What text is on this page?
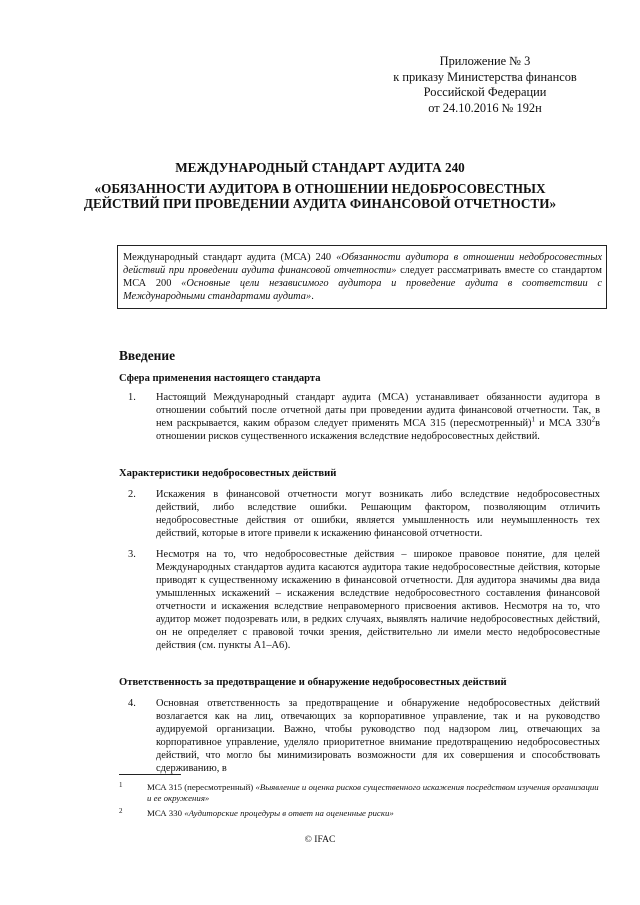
Приложение № 3
к приказу Министерства финансов
Российской Федерации
от 24.10.2016 № 192н
МЕЖДУНАРОДНЫЙ СТАНДАРТ АУДИТА 240
«ОБЯЗАННОСТИ АУДИТОРА В ОТНОШЕНИИ НЕДОБРОСОВЕСТНЫХ
ДЕЙСТВИЙ ПРИ ПРОВЕДЕНИИ АУДИТА ФИНАНСОВОЙ ОТЧЕТНОСТИ»
Международный стандарт аудита (МСА) 240 «Обязанности аудитора в отношении недобросовестных действий при проведении аудита финансовой отчетности» следует рассматривать вместе со стандартом МСА 200 «Основные цели независимого аудитора и проведение аудита в соответствии с Международными стандартами аудита».
Введение
Сфера применения настоящего стандарта
1. Настоящий Международный стандарт аудита (МСА) устанавливает обязанности аудитора в отношении событий после отчетной даты при проведении аудита финансовой отчетности. Так, в нем раскрывается, каким образом следует применять МСА 315 (пересмотренный)$^1$ и МСА $330^2в$ отношении рисков существенного искажения вследствие недобросовестных действий.
Характеристики недобросовестных действий
2. Искажения в финансовой отчетности могут возникать либо вследствие недобросовестных действий, либо вследствие ошибки. Решающим фактором, позволяющим отличить недобросовестные действия от ошибки, является умышленность или неумышленность тех действий, которые в итоге привели к искажению финансовой отчетности.
3. Несмотря на то, что недобросовестные действия – широкое правовое понятие, для целей Международных стандартов аудита касаются аудитора такие недобросовестные действия, которые приводят к существенному искажению в финансовой отчетности. Для аудитора значимы два вида умышленных искажений – искажения вследствие недобросовестного составления финансовой отчетности и искажения вследствие неправомерного присвоения активов. Несмотря на то, что аудитор может подозревать или, в редких случаях, выявлять наличие недобросовестных действий, он не определяет с правовой точки зрения, действительно ли имели место недобросовестные действия (см. пункты A1–A6).
Ответственность за предотвращение и обнаружение недобросовестных действий
4. Основная ответственность за предотвращение и обнаружение недобросовестных действий возлагается как на лиц, отвечающих за корпоративное управление, так и на руководство аудируемой организации. Важно, чтобы руководство под надзором лиц, отвечающих за корпоративное управление, уделяло приоритетное внимание предотвращению недобросовестных действий, что могло бы минимизировать возможности для их совершения и способствовать сдерживанию, в
1	МСА 315 (пересмотренный) «Выявление и оценка рисков существенного искажения посредством изучения организации и ее окружения»
2	МСА 330 «Аудиторские процедуры в ответ на оцененные риски»
© IFAC
